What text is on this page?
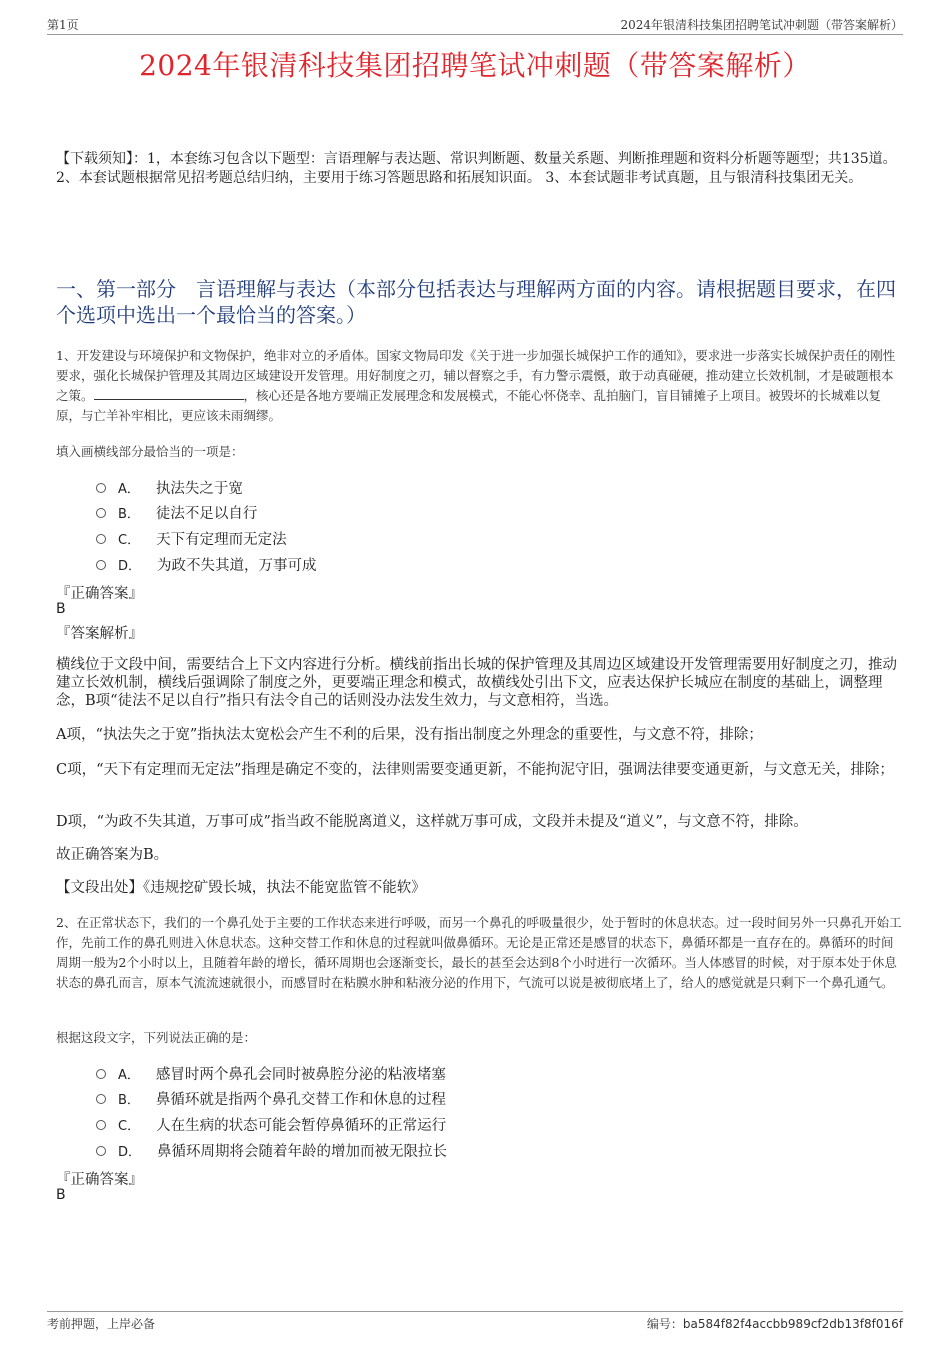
第1页	2024年银清科技集团招聘笔试冲刺题（带答案解析）
2024年银清科技集团招聘笔试冲刺题（带答案解析）
【下载须知】：1，本套练习包含以下题型：言语理解与表达题、常识判断题、数量关系题、判断推理题和资料分析题等题型；共135道。 2、本套试题根据常见招考题总结归纳，主要用于练习答题思路和拓展知识面。 3、本套试题非考试真题，且与银清科技集团无关。
一、第一部分　言语理解与表达（本部分包括表达与理解两方面的内容。请根据题目要求，在四个选项中选出一个最恰当的答案。）
1、开发建设与环境保护和文物保护，绝非对立的矛盾体。国家文物局印发《关于进一步加强长城保护工作的通知》，要求进一步落实长城保护责任的刚性要求，强化长城保护管理及其周边区域建设开发管理。用好制度之刃，辅以督察之手，有力警示震慑，敢于动真碰硬，推动建立长效机制，才是破题根本之策。	，核心还是各地方要端正发展理念和发展模式，不能心怀侥幸、乱拍脑门，盲目铺摊子上项目。被毁坏的长城难以复原，与亡羊补牢相比，更应该未雨绸缪。
填入画横线部分最恰当的一项是：
A． 执法失之于宽
B． 徒法不足以自行
C． 天下有定理而无定法
D． 为政不失其道，万事可成
『正确答案』
B
『答案解析』
横线位于文段中间，需要结合上下文内容进行分析。横线前指出长城的保护管理及其周边区域建设开发管理需要用好制度之刃，推动建立长效机制，横线后强调除了制度之外，更要端正理念和模式，故横线处引出下文，应表达保护长城应在制度的基础上，调整理念，B项“徒法不足以自行”指只有法令自己的话则没办法发生效力，与文意相符，当选。
A项，“执法失之于宽”指执法太宽松会产生不利的后果，没有指出制度之外理念的重要性，与文意不符，排除；
C项，“天下有定理而无定法”指理是确定不变的，法律则需要变通更新，不能拘泥守旧，强调法律要变通更新，与文意无关，排除；
D项，“为政不失其道，万事可成”指当政不能脱离道义，这样就万事可成，文段并未提及“道义”，与文意不符，排除。
故正确答案为B。
【文段出处】《违规挖矿毁长城，执法不能宽监管不能软》
2、在正常状态下，我们的一个鼻孔处于主要的工作状态来进行呼吸，而另一个鼻孔的呼吸量很少，处于暂时的休息状态。过一段时间另外一只鼻孔开始工作，先前工作的鼻孔则进入休息状态。这种交替工作和休息的过程就叫做鼻循环。无论是正常还是感冒的状态下，鼻循环都是一直存在的。鼻循环的时间周期一般为2个小时以上，且随着年龄的增长，循环周期也会逐渐变长，最长的甚至会达到8个小时进行一次循环。当人体感冒的时候，对于原本处于休息状态的鼻孔而言，原本气流流速就很小，而感冒时在粘膜水肿和粘液分泌的作用下，气流可以说是被彻底堵上了，给人的感觉就是只剩下一个鼻孔通气。
根据这段文字，下列说法正确的是：
A． 感冒时两个鼻孔会同时被鼻腔分泌的粘液堵塞
B． 鼻循环就是指两个鼻孔交替工作和休息的过程
C． 人在生病的状态可能会暂停鼻循环的正常运行
D． 鼻循环周期将会随着年龄的增加而被无限拉长
『正确答案』
B
考前押题，上岸必备	编号：ba584f82f4accbb989cf2db13f8f016f
